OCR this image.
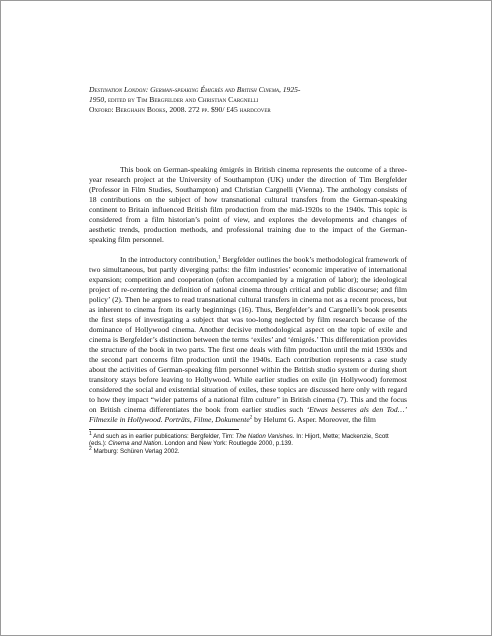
Destination London: German-speaking Émigrés and British Cinema, 1925-
1950, edited by Tim Bergfelder and Christian Cargnelli
Oxford: Berghahn Books, 2008. 272 pp. $90/ £45 hardcover

This book on German-speaking émigrés in British cinema represents the outcome of a three-year research project at the University of Southampton (UK) under the direction of Tim Bergfelder (Professor in Film Studies, Southampton) and Christian Cargnelli (Vienna). The anthology consists of 18 contributions on the subject of how transnational cultural transfers from the German-speaking continent to Britain influenced British film production from the mid-1920s to the 1940s. This topic is considered from a film historian’s point of view, and explores the developments and changes of aesthetic trends, production methods, and professional training due to the impact of the German-speaking film personnel.

In the introductory contribution,$^1$ Bergfelder outlines the book’s methodological framework of two simultaneous, but partly diverging paths: the film industries’ economic imperative of international expansion; competition and cooperation (often accompanied by a migration of labor); the ideological project of re-centering the definition of national cinema through critical and public discourse; and film policy’ (2). Then he argues to read transnational cultural transfers in cinema not as a recent process, but as inherent to cinema from its early beginnings (16). Thus, Bergfelder’s and Cargnelli’s book presents the first steps of investigating a subject that was too-long neglected by film research because of the dominance of Hollywood cinema. Another decisive methodological aspect on the topic of exile and cinema is Bergfelder’s distinction between the terms ‘exiles’ and ‘émigrés.’ This differentiation provides the structure of the book in two parts. The first one deals with film production until the mid 1930s and the second part concerns film production until the 1940s. Each contribution represents a case study about the activities of German-speaking film personnel within the British studio system or during short transitory stays before leaving to Hollywood. While earlier studies on exile (in Hollywood) foremost considered the social and existential situation of exiles, these topics are discussed here only with regard to how they impact “wider patterns of a national film culture” in British cinema (7). This and the focus on British cinema differentiates the book from earlier studies such ‘Etwas besseres als den Tod…’ Filmexile in Hollywood. Porträts, Filme, Dokumente$^2$ by Helumt G. Asper. Moreover, the film

$^1$ And such as in earlier publications: Bergfelder, Tim: The Nation Vanishes. In: Hijort, Mette; Mackenzie, Scott (eds.): Cinema and Nation. London and New York: Routlegde 2000, p.139.
$^2$ Marburg: Schüren Verlag 2002.
